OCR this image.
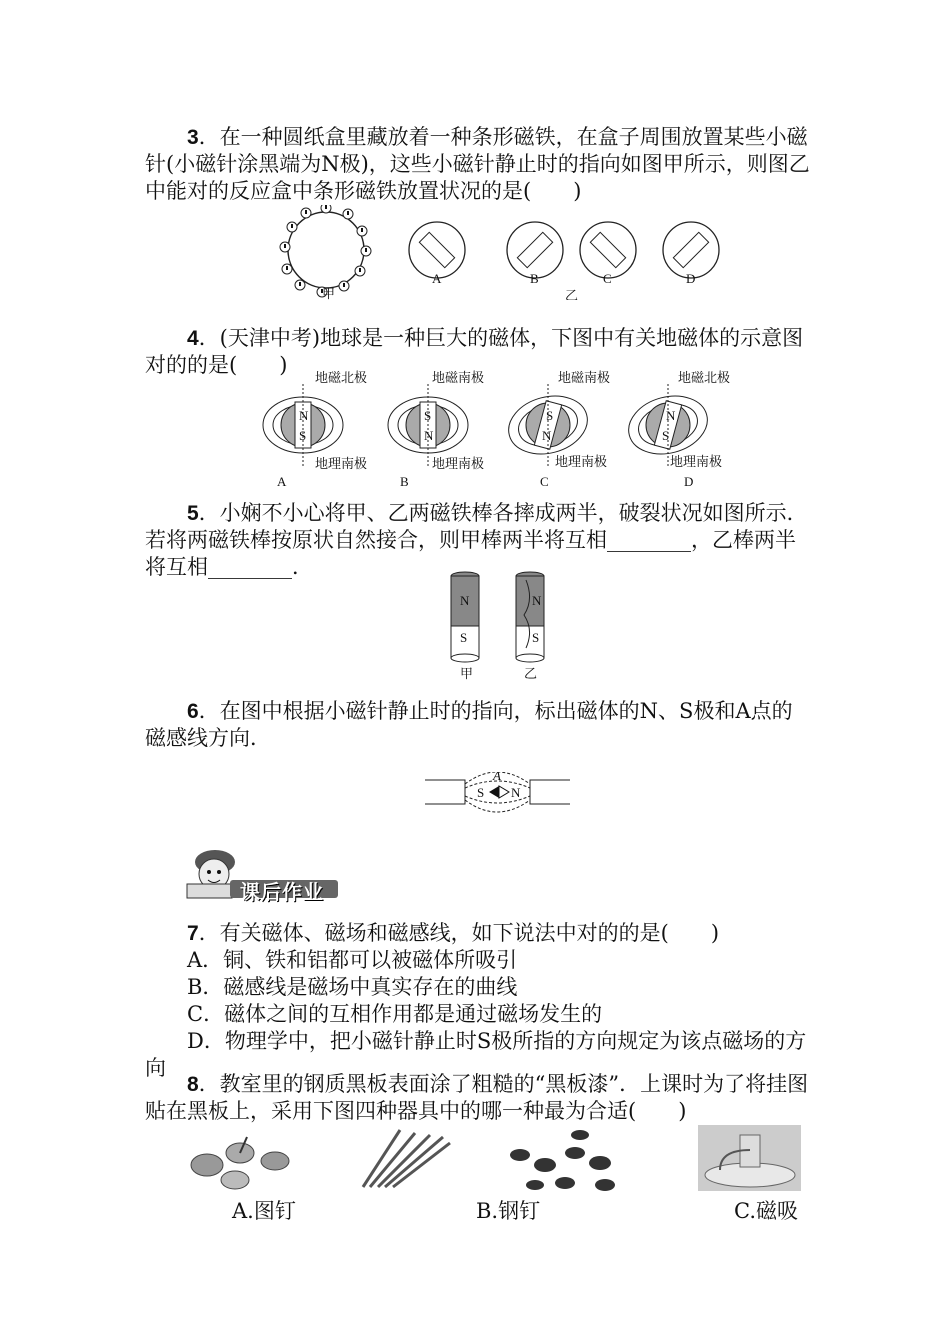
3．在一种圆纸盒里藏放着一种条形磁铁，在盒子周围放置某些小磁针(小磁针涂黑端为N极)，这些小磁针静止时的指向如图甲所示，则图乙中能对的反应盒中条形磁铁放置状况的是(　　)

甲
A	B
乙
C	D

4．(天津中考)地球是一种巨大的磁体，下图中有关地磁体的示意图对的的是(　　)

地磁北极
N
S
地理南极
A
地磁南极
S
N
地理南极
B
地磁南极
S
N
地理南极
C
地磁北极
N
S
地理南极
D

5．小娴不小心将甲、乙两磁铁棒各摔成两半，破裂状况如图所示．若将两磁铁棒按原状自然接合，则甲棒两半将互相________，乙棒两半将互相________．

N
S
N
S
甲	乙

6．在图中根据小磁针静止时的指向，标出磁体的N、S极和A点的磁感线方向．

S N
A
课后作业

7．有关磁体、磁场和磁感线，如下说法中对的的是(　　)

A．铜、铁和铝都可以被磁体所吸引

B．磁感线是磁场中真实存在的曲线

C．磁体之间的互相作用都是通过磁场发生的

D．物理学中，把小磁针静止时S极所指的方向规定为该点磁场的方向

8．教室里的钢质黑板表面涂了粗糙的“黑板漆”．上课时为了将挂图贴在黑板上，采用下图四种器具中的哪一种最为合适(　　)

A.图钉	B.钢钉	C.磁吸
